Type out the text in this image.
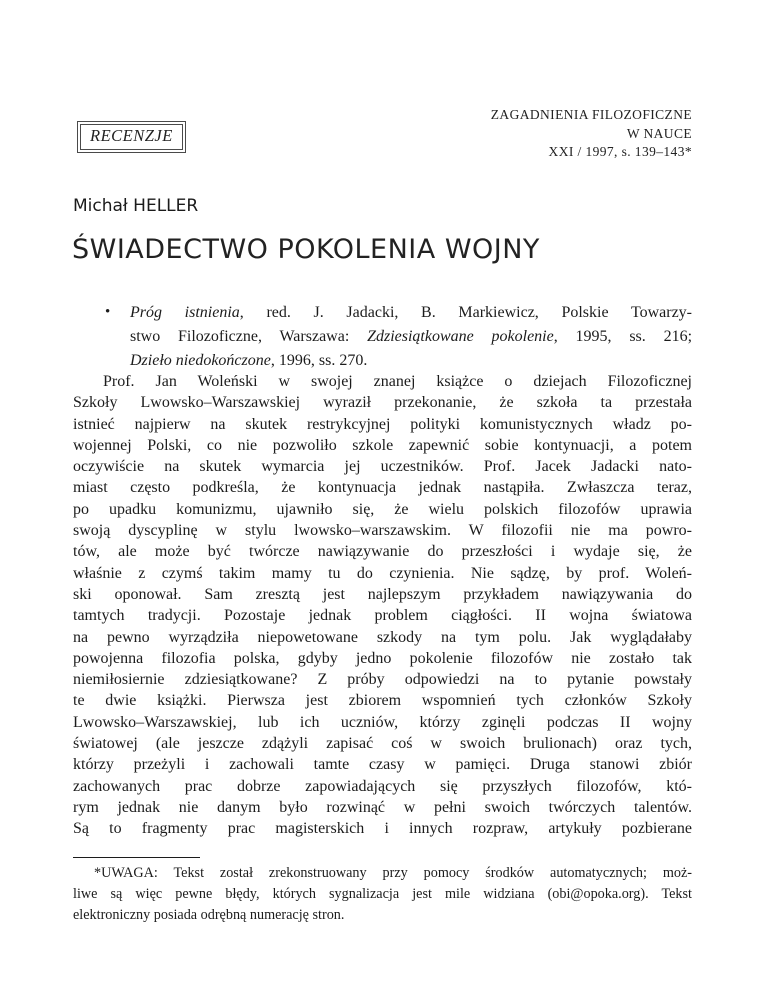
RECENZJE
ZAGADNIENIA FILOZOFICZNE
W NAUCE
XXI / 1997, s. 139–143*
Michał HELLER
ŚWIADECTWO POKOLENIA WOJNY
• Próg istnienia, red. J. Jadacki, B. Markiewicz, Polskie Towarzy-
stwo Filozoficzne, Warszawa: Zdziesiątkowane pokolenie, 1995, ss. 216;
Dzieło niedokończone, 1996, ss. 270.
Prof. Jan Woleński w swojej znanej książce o dziejach Filozoficznej
Szkoły Lwowsko–Warszawskiej wyraził przekonanie, że szkoła ta przestała
istnieć najpierw na skutek restrykcyjnej polityki komunistycznych władz po-
wojennej Polski, co nie pozwoliło szkole zapewnić sobie kontynuacji, a potem
oczywiście na skutek wymarcia jej uczestników. Prof. Jacek Jadacki nato-
miast często podkreśla, że kontynuacja jednak nastąpiła. Zwłaszcza teraz,
po upadku komunizmu, ujawniło się, że wielu polskich filozofów uprawia
swoją dyscyplinę w stylu lwowsko–warszawskim. W filozofii nie ma powro-
tów, ale może być twórcze nawiązywanie do przeszłości i wydaje się, że
właśnie z czymś takim mamy tu do czynienia. Nie sądzę, by prof. Woleń-
ski oponował. Sam zresztą jest najlepszym przykładem nawiązywania do
tamtych tradycji. Pozostaje jednak problem ciągłości. II wojna światowa
na pewno wyrządziła niepowetowane szkody na tym polu. Jak wyglądałaby
powojenna filozofia polska, gdyby jedno pokolenie filozofów nie zostało tak
niemiłosiernie zdziesiątkowane? Z próby odpowiedzi na to pytanie powstały
te dwie książki. Pierwsza jest zbiorem wspomnień tych członków Szkoły
Lwowsko–Warszawskiej, lub ich uczniów, którzy zginęli podczas II wojny
światowej (ale jeszcze zdążyli zapisać coś w swoich brulionach) oraz tych,
którzy przeżyli i zachowali tamte czasy w pamięci. Druga stanowi zbiór
zachowanych prac dobrze zapowiadających się przyszłych filozofów, któ-
rym jednak nie danym było rozwinąć w pełni swoich twórczych talentów.
Są to fragmenty prac magisterskich i innych rozpraw, artykuły pozbierane
*UWAGA: Tekst został zrekonstruowany przy pomocy środków automatycznych; moż-
liwe są więc pewne błędy, których sygnalizacja jest mile widziana (obi@opoka.org). Tekst
elektroniczny posiada odrębną numerację stron.
